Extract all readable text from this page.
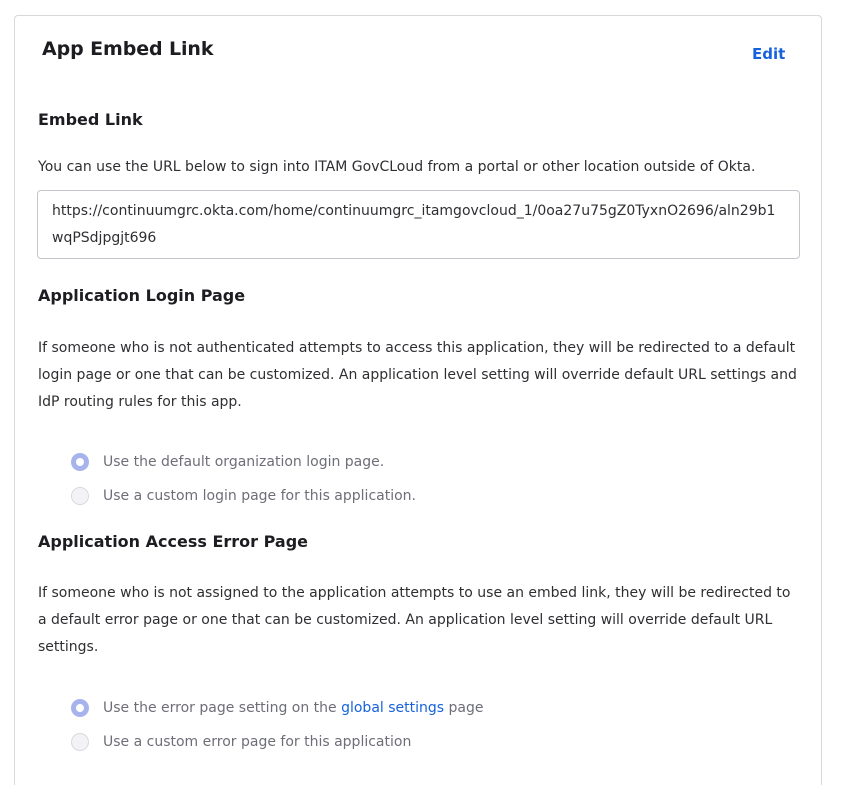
App Embed Link	Edit
Embed Link

You can use the URL below to sign into ITAM GovCLoud from a portal or other location outside of Okta.

https://continuumgrc.okta.com/home/continuumgrc_itamgovcloud_1/0oa27u75gZ0TyxnO2696/aln29b1wqPSdjpgjt696
Application Login Page

If someone who is not authenticated attempts to access this application, they will be redirected to a default login page or one that can be customized. An application level setting will override default URL settings and IdP routing rules for this app.

Use the default organization login page.
Use a custom login page for this application.
Application Access Error Page

If someone who is not assigned to the application attempts to use an embed link, they will be redirected to a default error page or one that can be customized. An application level setting will override default URL settings.

Use the error page setting on the global settings page
Use a custom error page for this application
